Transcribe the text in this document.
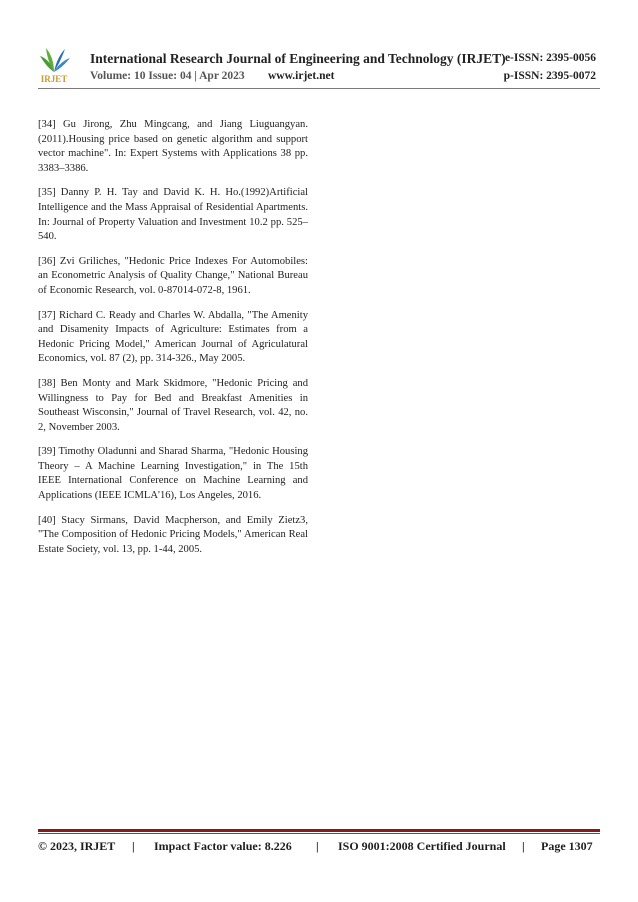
IRJET
International Research Journal of Engineering and Technology (IRJET) e-ISSN: 2395-0056
Volume: 10 Issue: 04 | Apr 2023 www.irjet.net	p-ISSN: 2395-0072

[34] Gu Jirong, Zhu Mingcang, and Jiang Liuguangyan. (2011).Housing price based on genetic algorithm and support vector machine". In: Expert Systems with Applications 38 pp. 3383–3386.

[35] Danny P. H. Tay and David K. H. Ho.(1992)Artificial Intelligence and the Mass Appraisal of Residential Apartments. In: Journal of Property Valuation and Investment 10.2 pp. 525–540.

[36] Zvi Griliches, "Hedonic Price Indexes For Automobiles: an Econometric Analysis of Quality Change," National Bureau of Economic Research, vol. 0-87014-072-8, 1961.

[37] Richard C. Ready and Charles W. Abdalla, "The Amenity and Disamenity Impacts of Agriculture: Estimates from a Hedonic Pricing Model," American Journal of Agriculatural Economics, vol. 87 (2), pp. 314-326., May 2005.

[38] Ben Monty and Mark Skidmore, "Hedonic Pricing and Willingness to Pay for Bed and Breakfast Amenities in Southeast Wisconsin," Journal of Travel Research, vol. 42, no. 2, November 2003.

[39] Timothy Oladunni and Sharad Sharma, "Hedonic Housing Theory – A Machine Learning Investigation," in The 15th IEEE International Conference on Machine Learning and Applications (IEEE ICMLA'16), Los Angeles, 2016.

[40] Stacy Sirmans, David Macpherson, and Emily Zietz3, "The Composition of Hedonic Pricing Models," American Real Estate Society, vol. 13, pp. 1-44, 2005.

© 2023, IRJET | Impact Factor value: 8.226 | ISO 9001:2008 Certified Journal | Page 1307
